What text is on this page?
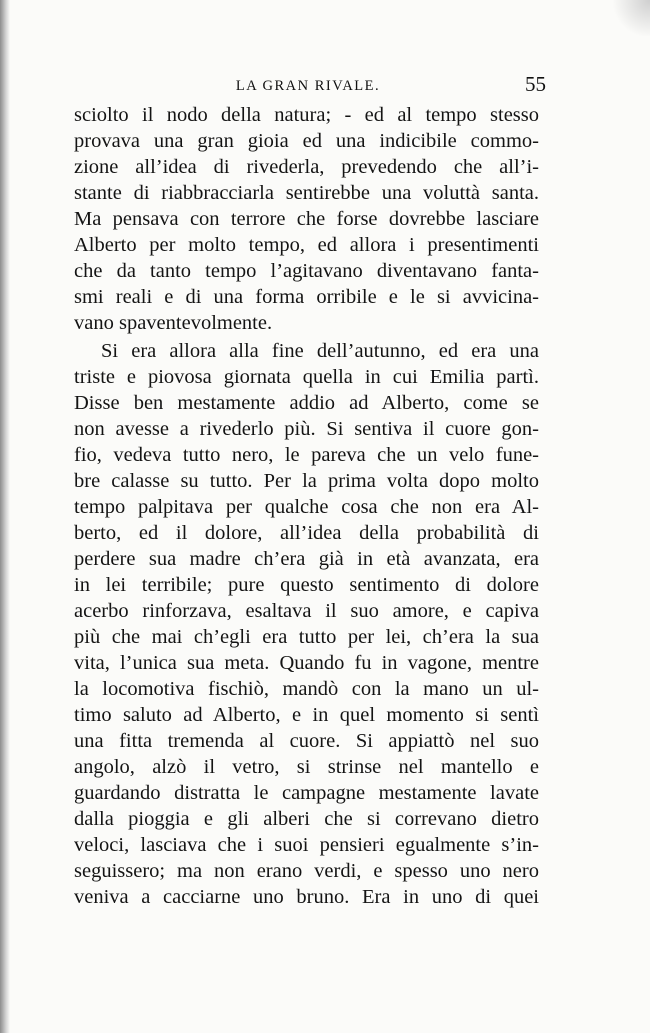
LA GRAN RIVALE.	55
sciolto il nodo della natura; - ed al tempo stesso
provava una gran gioia ed una indicibile commo-
zione all’idea di rivederla, prevedendo che all’i-
stante di riabbracciarla sentirebbe una voluttà santa.
Ma pensava con terrore che forse dovrebbe lasciare
Alberto per molto tempo, ed allora i presentimenti
che da tanto tempo l’agitavano diventavano fanta-
smi reali e di una forma orribile e le si avvicina-
vano spaventevolmente.
Si era allora alla fine dell’autunno, ed era una
triste e piovosa giornata quella in cui Emilia partì.
Disse ben mestamente addio ad Alberto, come se
non avesse a rivederlo più. Si sentiva il cuore gon-
fio, vedeva tutto nero, le pareva che un velo fune-
bre calasse su tutto. Per la prima volta dopo molto
tempo palpitava per qualche cosa che non era Al-
berto, ed il dolore, all’idea della probabilità di
perdere sua madre ch’era già in età avanzata, era
in lei terribile; pure questo sentimento di dolore
acerbo rinforzava, esaltava il suo amore, e capiva
più che mai ch’egli era tutto per lei, ch’era la sua
vita, l’unica sua meta. Quando fu in vagone, mentre
la locomotiva fischiò, mandò con la mano un ul-
timo saluto ad Alberto, e in quel momento si sentì
una fitta tremenda al cuore. Si appiattò nel suo
angolo, alzò il vetro, si strinse nel mantello e
guardando distratta le campagne mestamente lavate
dalla pioggia e gli alberi che si correvano dietro
veloci, lasciava che i suoi pensieri egualmente s’in-
seguissero; ma non erano verdi, e spesso uno nero
veniva a cacciarne uno bruno. Era in uno di quei
